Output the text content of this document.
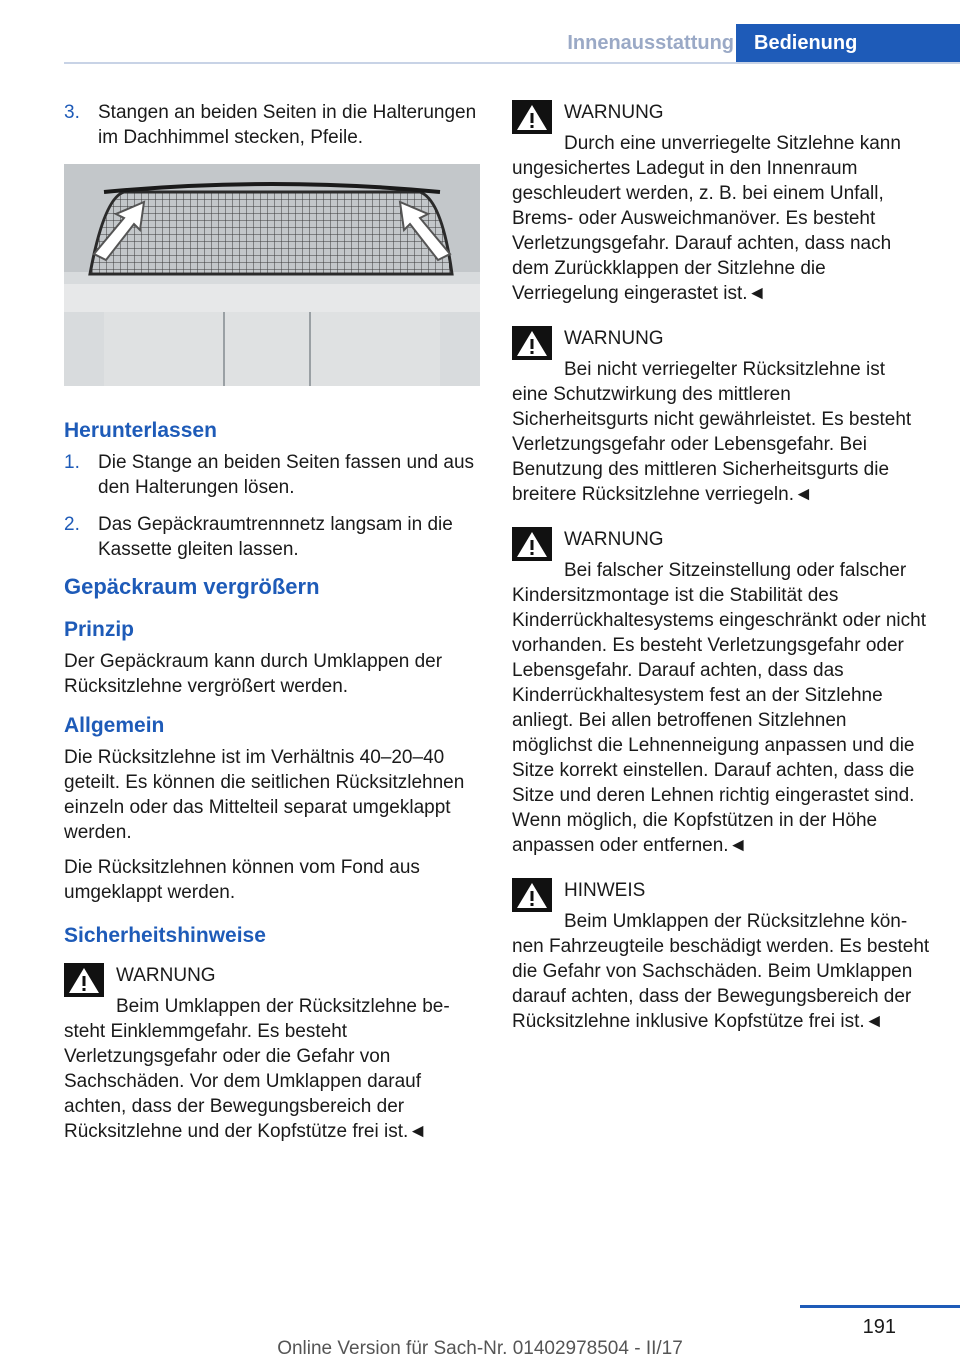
Innenausstattung	Bedienung
3. Stangen an beiden Seiten in die Halterungen im Dachhimmel stecken, Pfeile.
Herunterlassen
1. Die Stange an beiden Seiten fassen und aus den Halterungen lösen.
2. Das Gepäckraumtrennnetz langsam in die Kassette gleiten lassen.
Gepäckraum vergrößern
Prinzip

Der Gepäckraum kann durch Umklappen der Rücksitzlehne vergrößert werden.

Allgemein

Die Rücksitzlehne ist im Verhältnis 40–20–40 geteilt. Es können die seitlichen Rücksitzlehnen einzeln oder das Mittelteil separat umgeklappt werden.

Die Rücksitzlehnen können vom Fond aus umgeklappt werden.

Sicherheitshinweise
WARNUNG
Beim Umklappen der Rücksitzlehne be-
steht Einklemmgefahr. Es besteht Verletzungsgefahr oder die Gefahr von Sachschäden. Vor dem Umklappen darauf achten, dass der Bewegungsbereich der Rücksitzlehne und der Kopfstütze frei ist.◄
WARNUNG
Durch eine unverriegelte Sitzlehne kann
ungesichertes Ladegut in den Innenraum geschleudert werden, z. B. bei einem Unfall, Brems- oder Ausweichmanöver. Es besteht Verletzungsgefahr. Darauf achten, dass nach dem Zurückklappen der Sitzlehne die Verriegelung eingerastet ist.◄
WARNUNG
Bei nicht verriegelter Rücksitzlehne ist
eine Schutzwirkung des mittleren Sicherheitsgurts nicht gewährleistet. Es besteht Verletzungsgefahr oder Lebensgefahr. Bei Benutzung des mittleren Sicherheitsgurts die breitere Rücksitzlehne verriegeln.◄
WARNUNG
Bei falscher Sitzeinstellung oder falscher
Kindersitzmontage ist die Stabilität des Kinderrückhaltesystems eingeschränkt oder nicht vorhanden. Es besteht Verletzungsgefahr oder Lebensgefahr. Darauf achten, dass das Kinderrückhaltesystem fest an der Sitzlehne anliegt. Bei allen betroffenen Sitzlehnen möglichst die Lehnenneigung anpassen und die Sitze korrekt einstellen. Darauf achten, dass die Sitze und deren Lehnen richtig eingerastet sind. Wenn möglich, die Kopfstützen in der Höhe anpassen oder entfernen.◄
HINWEIS
Beim Umklappen der Rücksitzlehne kön-
nen Fahrzeugteile beschädigt werden. Es besteht die Gefahr von Sachschäden. Beim Umklappen darauf achten, dass der Bewegungsbereich der Rücksitzlehne inklusive Kopfstütze frei ist.◄
191
Online Version für Sach-Nr. 01402978504 - II/17
